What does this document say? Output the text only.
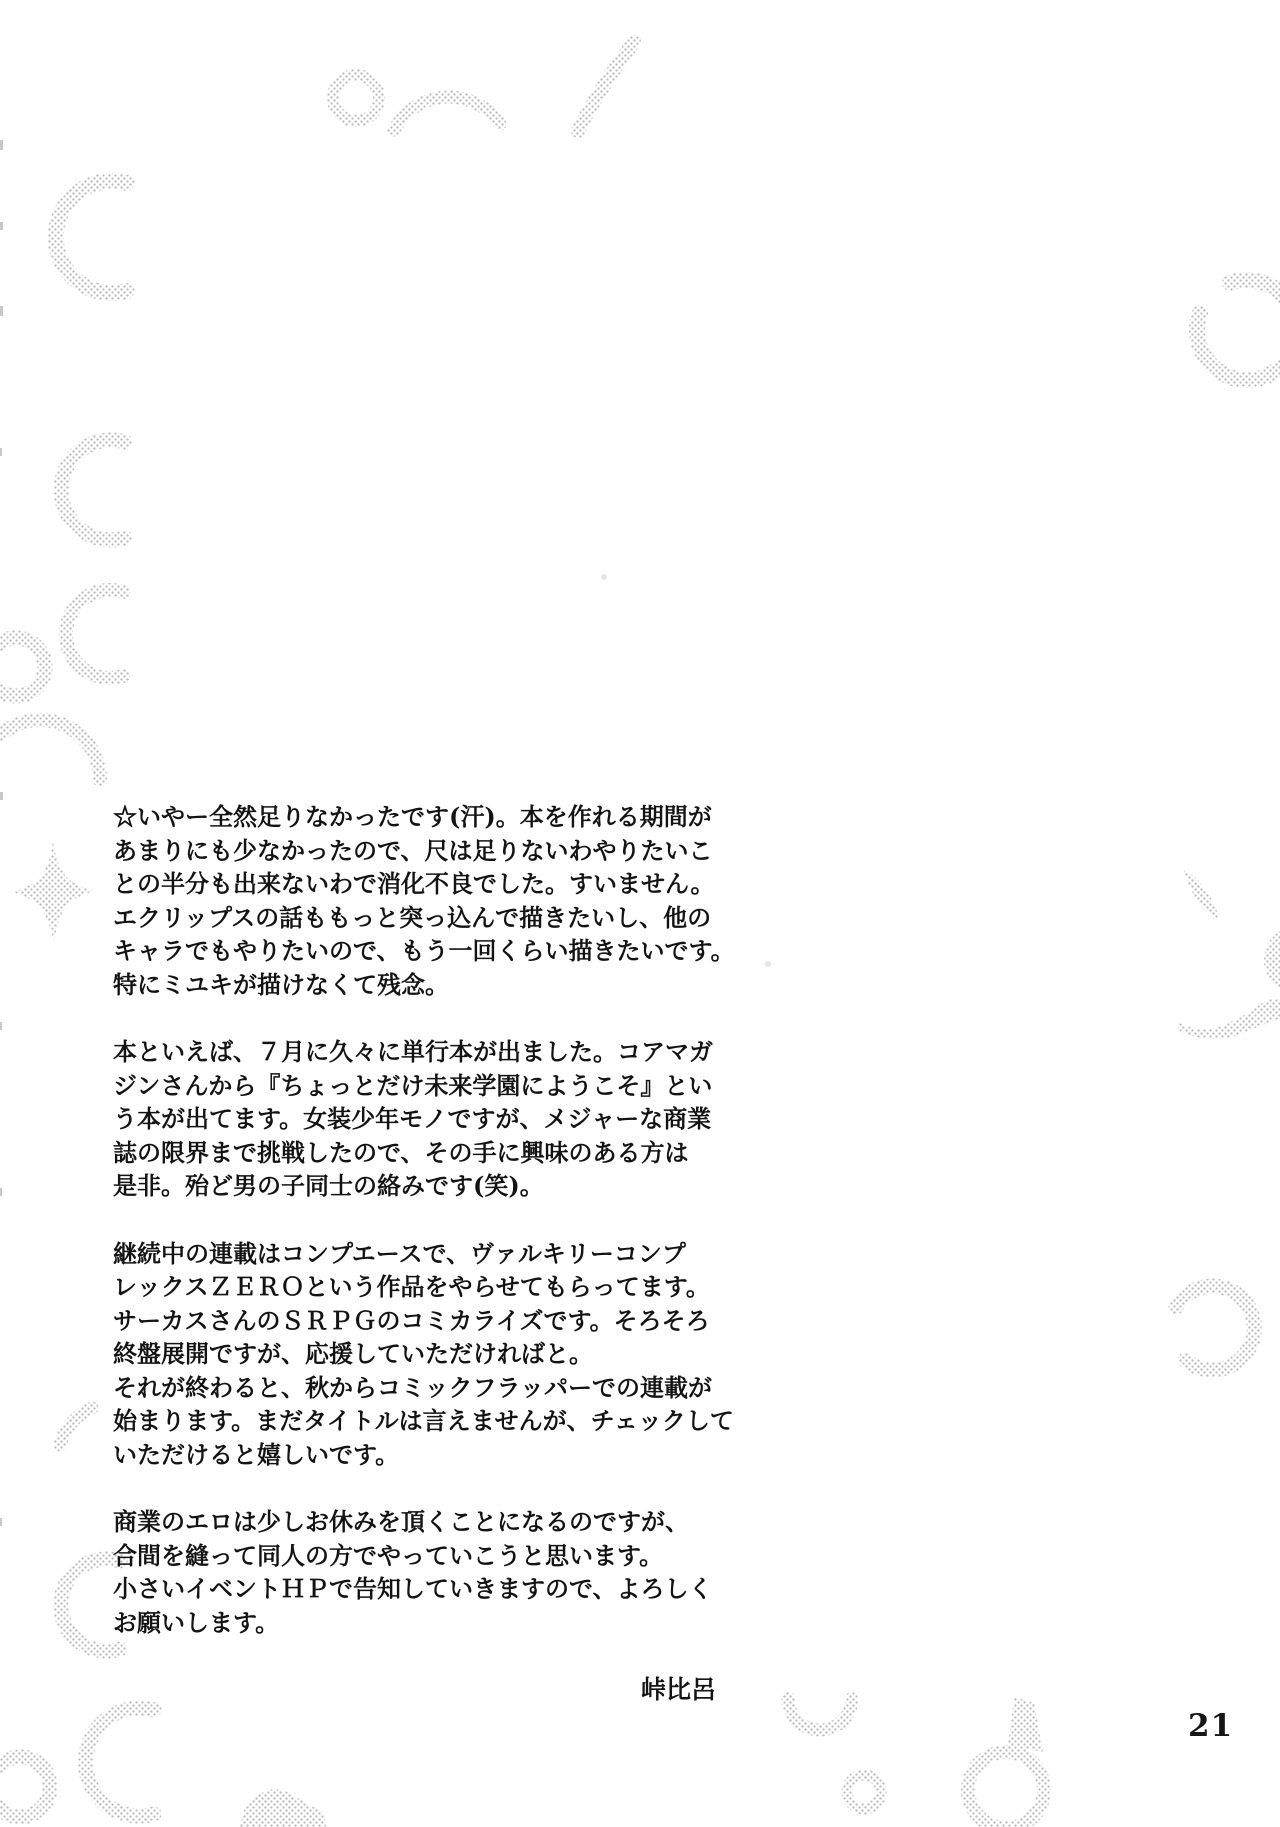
☆いやー全然足りなかったです(汗)。本を作れる期間が
あまりにも少なかったので、尺は足りないわやりたいこ
との半分も出来ないわで消化不良でした。すいません。
エクリップスの話ももっと突っ込んで描きたいし、他の
キャラでもやりたいので、もう一回くらい描きたいです。
特にミユキが描けなくて残念。
本といえば、７月に久々に単行本が出ました。コアマガ
ジンさんから『ちょっとだけ未来学園にようこそ』とい
う本が出てます。女装少年モノですが、メジャーな商業
誌の限界まで挑戦したので、その手に興味のある方は
是非。殆ど男の子同士の絡みです(笑)。
継続中の連載はコンプエースで、ヴァルキリーコンプ
レックスＺＥＲＯという作品をやらせてもらってます。
サーカスさんのＳＲＰＧのコミカライズです。そろそろ
終盤展開ですが、応援していただければと。
それが終わると、秋からコミックフラッパーでの連載が
始まります。まだタイトルは言えませんが、チェックして
いただけると嬉しいです。
商業のエロは少しお休みを頂くことになるのですが、
合間を縫って同人の方でやっていこうと思います。
小さいイベントＨＰで告知していきますので、よろしく
お願いします。
峠比呂
21
